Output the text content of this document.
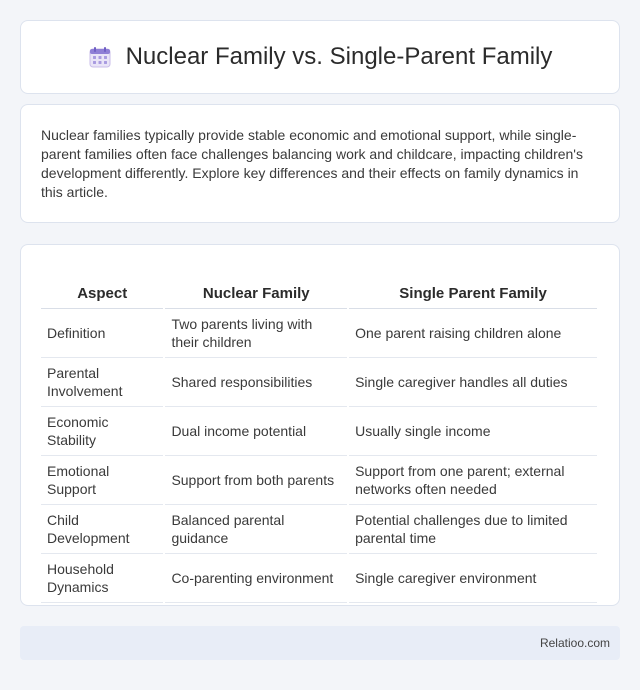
Nuclear Family vs. Single-Parent Family

Nuclear families typically provide stable economic and emotional support, while single-parent families often face challenges balancing work and childcare, impacting children's development differently. Explore key differences and their effects on family dynamics in this article.

Aspect	Nuclear Family	Single Parent Family
Definition	Two parents living with their children	One parent raising children alone
Parental Involvement	Shared responsibilities	Single caregiver handles all duties
Economic Stability	Dual income potential	Usually single income
Emotional Support	Support from both parents	Support from one parent; external networks often needed
Child Development	Balanced parental guidance	Potential challenges due to limited parental time
Household Dynamics	Co-parenting environment	Single caregiver environment
Relatioo.com
